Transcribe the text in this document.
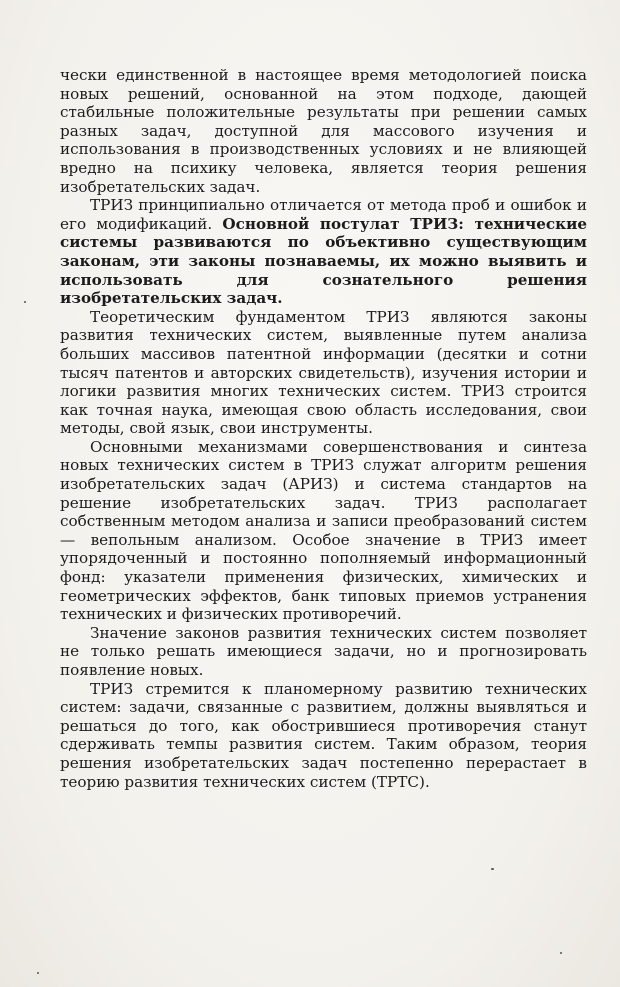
чески единственной в настоящее время методологией поиска новых решений, основанной на этом подходе, дающей стабильные положительные результаты при решении самых разных задач, доступной для массового изучения и использования в производственных условиях и не влияющей вредно на психику человека, является теория решения изобретательских задач.

ТРИЗ принципиально отличается от метода проб и ошибок и его модификаций. Основной постулат ТРИЗ: технические системы развиваются по объективно существующим законам, эти законы познаваемы, их можно выявить и использовать для сознательного решения изобретательских задач.

Теоретическим фундаментом ТРИЗ являются законы развития технических систем, выявленные путем анализа больших массивов патентной информации (десятки и сотни тысяч патентов и авторских свидетельств), изучения истории и логики развития многих технических систем. ТРИЗ строится как точная наука, имеющая свою область исследования, свои методы, свой язык, свои инструменты.

Основными механизмами совершенствования и синтеза новых технических систем в ТРИЗ служат алгоритм решения изобретательских задач (АРИЗ) и система стандартов на решение изобретательских задач. ТРИЗ располагает собственным методом анализа и записи преобразований систем — вепольным анализом. Особое значение в ТРИЗ имеет упорядоченный и постоянно пополняемый информационный фонд: указатели применения физических, химических и геометрических эффектов, банк типовых приемов устранения технических и физических противоречий.

Значение законов развития технических систем позволяет не только решать имеющиеся задачи, но и прогнозировать появление новых.

ТРИЗ стремится к планомерному развитию технических систем: задачи, связанные с развитием, должны выявляться и решаться до того, как обострившиеся противоречия станут сдерживать темпы развития систем. Таким образом, теория решения изобретательских задач постепенно перерастает в теорию развития технических систем (ТРТС).
